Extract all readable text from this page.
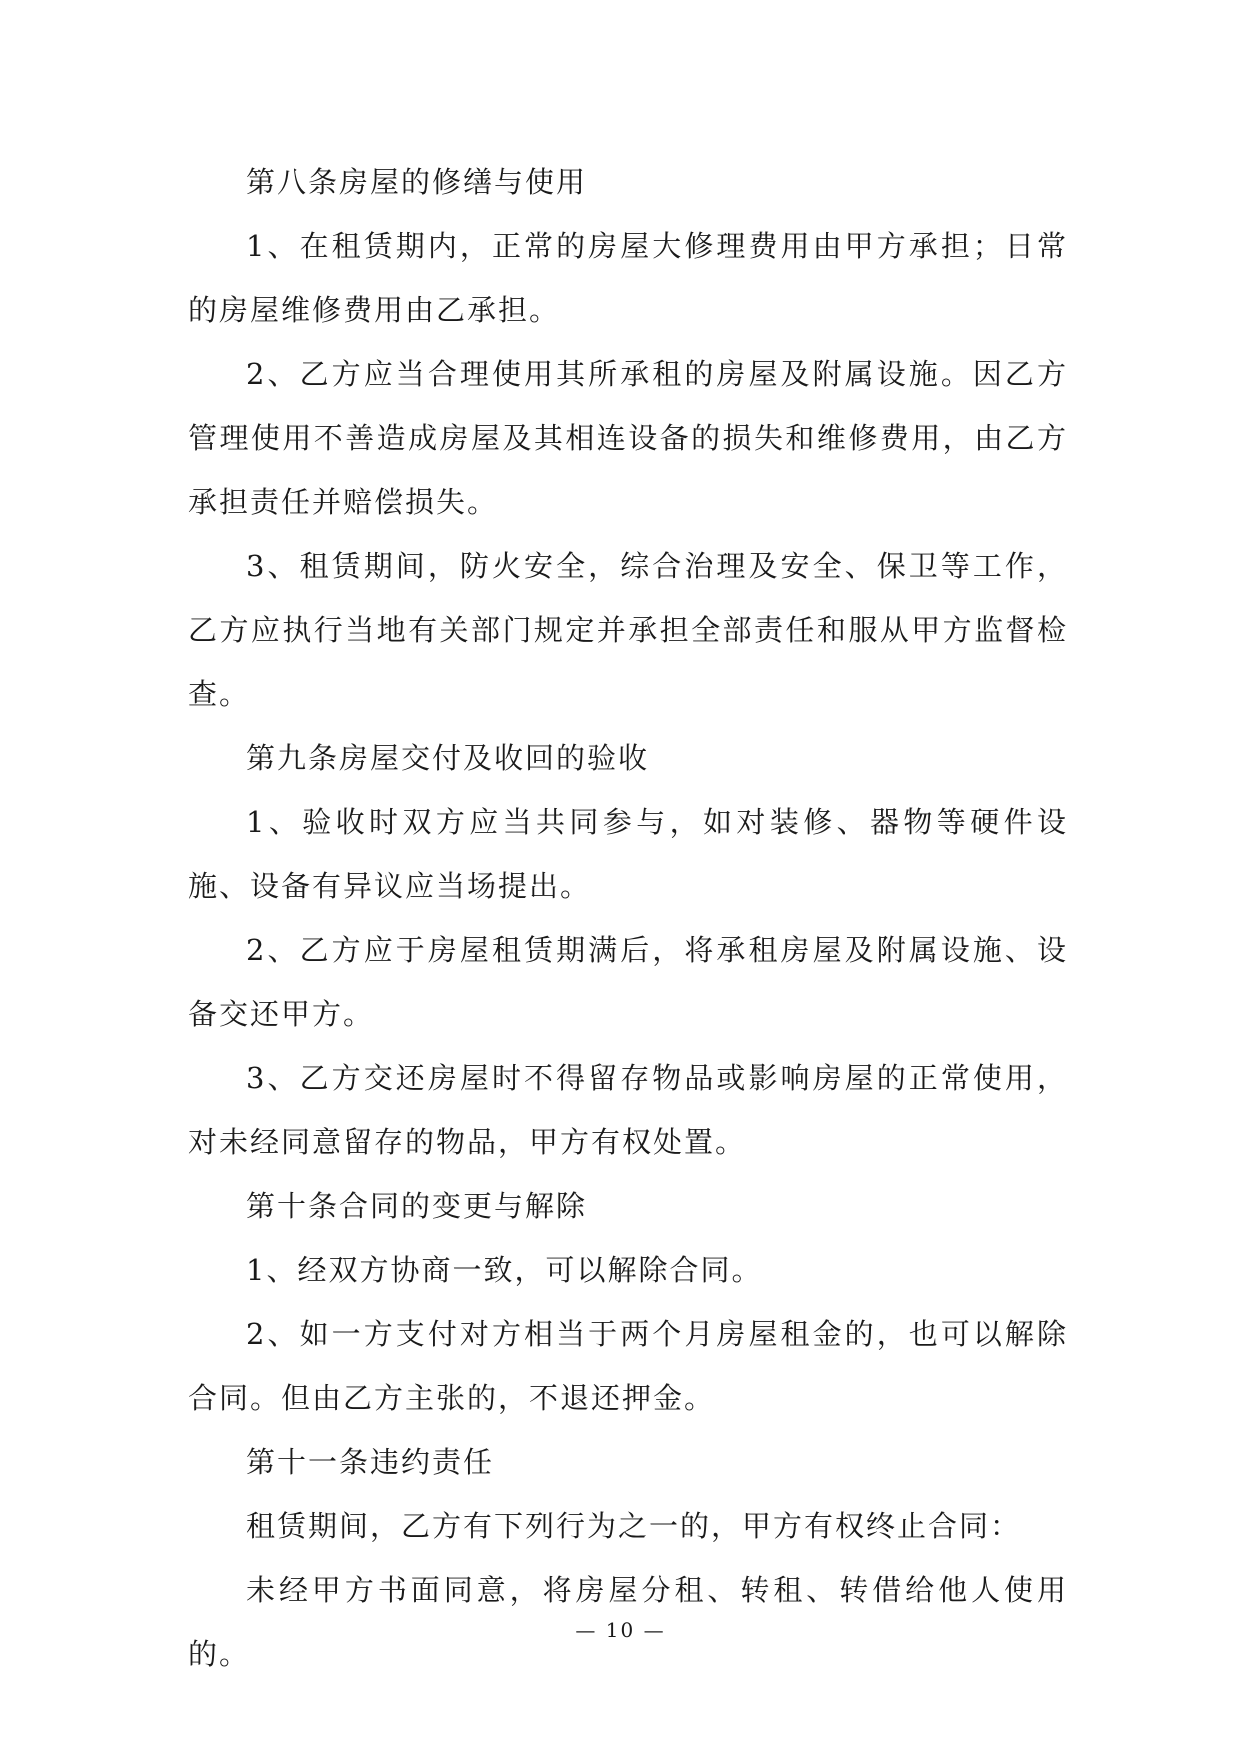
第八条房屋的修缮与使用

1、在租赁期内，正常的房屋大修理费用由甲方承担；日常的房屋维修费用由乙承担。

2、乙方应当合理使用其所承租的房屋及附属设施。因乙方管理使用不善造成房屋及其相连设备的损失和维修费用，由乙方承担责任并赔偿损失。

3、租赁期间，防火安全，综合治理及安全、保卫等工作，乙方应执行当地有关部门规定并承担全部责任和服从甲方监督检查。

第九条房屋交付及收回的验收

1、验收时双方应当共同参与，如对装修、器物等硬件设施、设备有异议应当场提出。

2、乙方应于房屋租赁期满后，将承租房屋及附属设施、设备交还甲方。

3、乙方交还房屋时不得留存物品或影响房屋的正常使用，对未经同意留存的物品，甲方有权处置。

第十条合同的变更与解除

1、经双方协商一致，可以解除合同。

2、如一方支付对方相当于两个月房屋租金的，也可以解除合同。但由乙方主张的，不退还押金。

第十一条违约责任

租赁期间，乙方有下列行为之一的，甲方有权终止合同：

未经甲方书面同意，将房屋分租、转租、转借给他人使用的。

— 10 —
